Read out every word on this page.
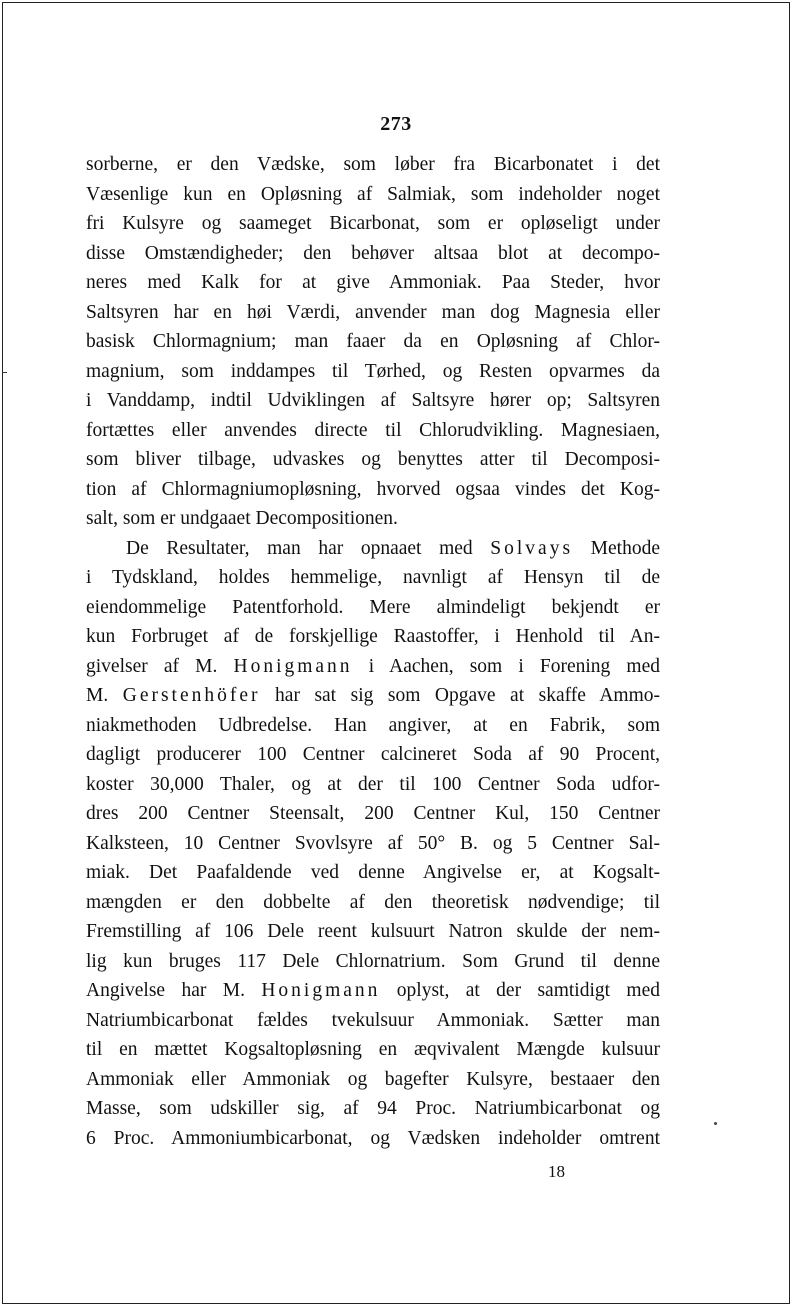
273
sorberne, er den Vædske, som løber fra Bicarbonatet i det
Væsenlige kun en Opløsning af Salmiak, som indeholder noget
fri Kulsyre og saameget Bicarbonat, som er opløseligt under
disse Omstændigheder; den behøver altsaa blot at decompo-
neres med Kalk for at give Ammoniak. Paa Steder, hvor
Saltsyren har en høi Værdi, anvender man dog Magnesia eller
basisk Chlormagnium; man faaer da en Opløsning af Chlor-
magnium, som inddampes til Tørhed, og Resten opvarmes da
i Vanddamp, indtil Udviklingen af Saltsyre hører op; Saltsyren
fortættes eller anvendes directe til Chlorudvikling. Magnesiaen,
som bliver tilbage, udvaskes og benyttes atter til Decomposi-
tion af Chlormagniumopløsning, hvorved ogsaa vindes det Kog-
salt, som er undgaaet Decompositionen.
De Resultater, man har opnaaet med Solvays Methode
i Tydskland, holdes hemmelige, navnligt af Hensyn til de
eiendommelige Patentforhold. Mere almindeligt bekjendt er
kun Forbruget af de forskjellige Raastoffer, i Henhold til An-
givelser af M. Honigmann i Aachen, som i Forening med
M. Gerstenhöfer har sat sig som Opgave at skaffe Ammo-
niakmethoden Udbredelse. Han angiver, at en Fabrik, som
dagligt producerer 100 Centner calcineret Soda af 90 Procent,
koster 30,000 Thaler, og at der til 100 Centner Soda udfor-
dres 200 Centner Steensalt, 200 Centner Kul, 150 Centner
Kalksteen, 10 Centner Svovlsyre af 50° B. og 5 Centner Sal-
miak. Det Paafaldende ved denne Angivelse er, at Kogsalt-
mængden er den dobbelte af den theoretisk nødvendige; til
Fremstilling af 106 Dele reent kulsuurt Natron skulde der nem-
lig kun bruges 117 Dele Chlornatrium. Som Grund til denne
Angivelse har M. Honigmann oplyst, at der samtidigt med
Natriumbicarbonat fældes tvekulsuur Ammoniak. Sætter man
til en mættet Kogsaltopløsning en æqvivalent Mængde kulsuur
Ammoniak eller Ammoniak og bagefter Kulsyre, bestaaer den
Masse, som udskiller sig, af 94 Proc. Natriumbicarbonat og
6 Proc. Ammoniumbicarbonat, og Vædsken indeholder omtrent
18
